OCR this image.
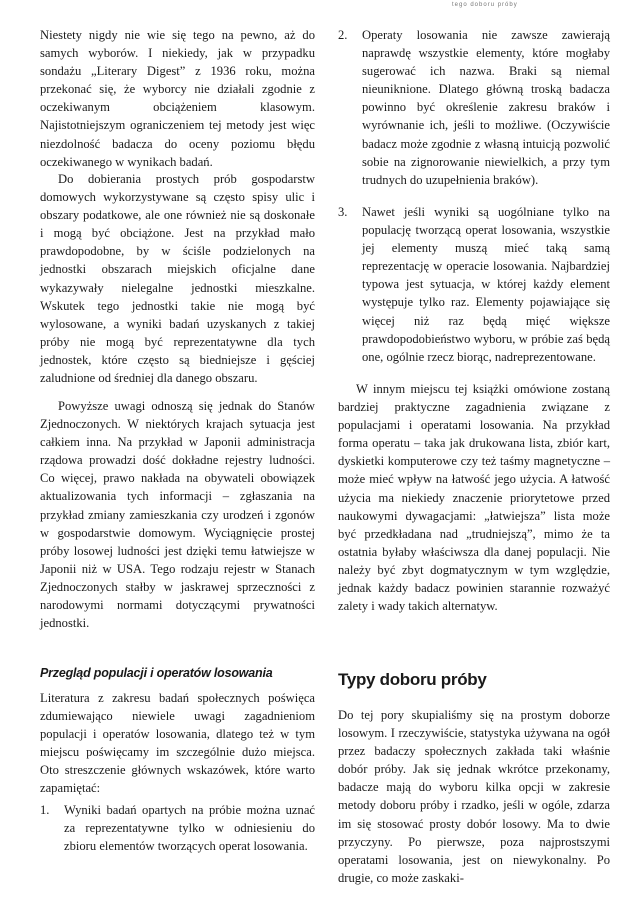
tego doboru próby

Niestety nigdy nie wie się tego na pewno, aż do samych wyborów. I niekiedy, jak w przypadku sondażu „Literary Digest” z 1936 roku, można przekonać się, że wyborcy nie działali zgodnie z oczekiwanym obciążeniem klasowym. Najistotniejszym ograniczeniem tej metody jest więc niezdolność badacza do oceny poziomu błędu oczekiwanego w wynikach badań.

Do dobierania prostych prób gospodarstw domowych wykorzystywane są często spisy ulic i obszary podatkowe, ale one również nie są doskonałe i mogą być obciążone. Jest na przykład mało prawdopodobne, by w ściśle podzielonych na jednostki obszarach miejskich oficjalne dane wykazywały nielegalne jednostki mieszkalne. Wskutek tego jednostki takie nie mogą być wylosowane, a wyniki badań uzyskanych z takiej próby nie mogą być reprezentatywne dla tych jednostek, które często są biedniejsze i gęściej zaludnione od średniej dla danego obszaru.

Powyższe uwagi odnoszą się jednak do Stanów Zjednoczonych. W niektórych krajach sytuacja jest całkiem inna. Na przykład w Japonii administracja rządowa prowadzi dość dokładne rejestry ludności. Co więcej, prawo nakłada na obywateli obowiązek aktualizowania tych informacji – zgłaszania na przykład zmiany zamieszkania czy urodzeń i zgonów w gospodarstwie domowym. Wyciągnięcie prostej próby losowej ludności jest dzięki temu łatwiejsze w Japonii niż w USA. Tego rodzaju rejestr w Stanach Zjednoczonych stałby w jaskrawej sprzeczności z narodowymi normami dotyczącymi prywatności jednostki.

Przegląd populacji i operatów losowania

Literatura z zakresu badań społecznych poświęca zdumiewająco niewiele uwagi zagadnieniom populacji i operatów losowania, dlatego też w tym miejscu poświęcamy im szczególnie dużo miejsca. Oto streszczenie głównych wskazówek, które warto zapamiętać:

1. Wyniki badań opartych na próbie można uznać za reprezentatywne tylko w odniesieniu do zbioru elementów tworzących operat losowania.

2. Operaty losowania nie zawsze zawierają naprawdę wszystkie elementy, które mogłaby sugerować ich nazwa. Braki są niemal nieuniknione. Dlatego główną troską badacza powinno być określenie zakresu braków i wyrównanie ich, jeśli to możliwe. (Oczywiście badacz może zgodnie z własną intuicją pozwolić sobie na zignorowanie niewielkich, a przy tym trudnych do uzupełnienia braków).

3. Nawet jeśli wyniki są uogólniane tylko na populację tworzącą operat losowania, wszystkie jej elementy muszą mieć taką samą reprezentację w operacie losowania. Najbardziej typowa jest sytuacja, w której każdy element występuje tylko raz. Elementy pojawiające się więcej niż raz będą mięć większe prawdopodobieństwo wyboru, w próbie zaś będą one, ogólnie rzecz biorąc, nadreprezentowane.

W innym miejscu tej książki omówione zostaną bardziej praktyczne zagadnienia związane z populacjami i operatami losowania. Na przykład forma operatu – taka jak drukowana lista, zbiór kart, dyskietki komputerowe czy też taśmy magnetyczne – może mieć wpływ na łatwość jego użycia. A łatwość użycia ma niekiedy znaczenie priorytetowe przed naukowymi dywagacjami: „łatwiejsza” lista może być przedkładana nad „trudniejszą”, mimo że ta ostatnia byłaby właściwsza dla danej populacji. Nie należy być zbyt dogmatycznym w tym względzie, jednak każdy badacz powinien starannie rozważyć zalety i wady takich alternatyw.

Typy doboru próby

Do tej pory skupialiśmy się na prostym doborze losowym. I rzeczywiście, statystyka używana na ogół przez badaczy społecznych zakłada taki właśnie dobór próby. Jak się jednak wkrótce przekonamy, badacze mają do wyboru kilka opcji w zakresie metody doboru próby i rzadko, jeśli w ogóle, zdarza im się stosować prosty dobór losowy. Ma to dwie przyczyny. Po pierwsze, poza najprostszymi operatami losowania, jest on niewykonalny. Po drugie, co może zaskaki-
